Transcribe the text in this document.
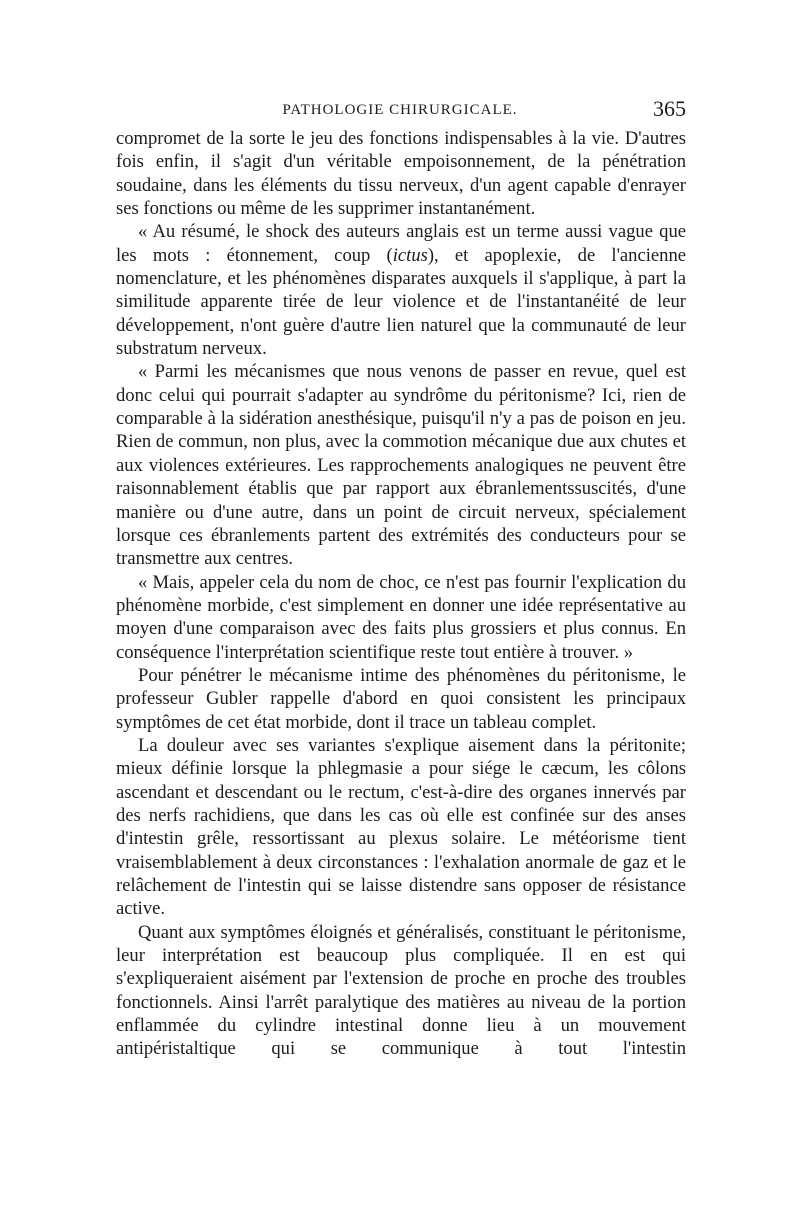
PATHOLOGIE CHIRURGICALE.	365

compromet de la sorte le jeu des fonctions indispensables à la vie. D'autres fois enfin, il s'agit d'un véritable empoisonnement, de la pénétration soudaine, dans les éléments du tissu nerveux, d'un agent capable d'enrayer ses fonctions ou même de les supprimer instantanément.

« Au résumé, le shock des auteurs anglais est un terme aussi vague que les mots : étonnement, coup (ictus), et apoplexie, de l'ancienne nomenclature, et les phénomènes disparates auxquels il s'applique, à part la similitude apparente tirée de leur violence et de l'instantanéité de leur développement, n'ont guère d'autre lien naturel que la communauté de leur substratum nerveux.

« Parmi les mécanismes que nous venons de passer en revue, quel est donc celui qui pourrait s'adapter au syndrôme du péritonisme? Ici, rien de comparable à la sidération anesthésique, puisqu'il n'y a pas de poison en jeu. Rien de commun, non plus, avec la commotion mécanique due aux chutes et aux violences extérieures. Les rapprochements analogiques ne peuvent être raisonnablement établis que par rapport aux ébranlementssuscités, d'une manière ou d'une autre, dans un point de circuit nerveux, spécialement lorsque ces ébranlements partent des extrémités des conducteurs pour se transmettre aux centres.

« Mais, appeler cela du nom de choc, ce n'est pas fournir l'explication du phénomène morbide, c'est simplement en donner une idée représentative au moyen d'une comparaison avec des faits plus grossiers et plus connus. En conséquence l'interprétation scientifique reste tout entière à trouver. »

Pour pénétrer le mécanisme intime des phénomènes du péritonisme, le professeur Gubler rappelle d'abord en quoi consistent les principaux symptômes de cet état morbide, dont il trace un tableau complet.

La douleur avec ses variantes s'explique aisement dans la péritonite; mieux définie lorsque la phlegmasie a pour siége le cæcum, les côlons ascendant et descendant ou le rectum, c'est-à-dire des organes innervés par des nerfs rachidiens, que dans les cas où elle est confinée sur des anses d'intestin grêle, ressortissant au plexus solaire. Le météorisme tient vraisemblablement à deux circonstances : l'exhalation anormale de gaz et le relâchement de l'intestin qui se laisse distendre sans opposer de résistance active.

Quant aux symptômes éloignés et généralisés, constituant le péritonisme, leur interprétation est beaucoup plus compliquée. Il en est qui s'expliqueraient aisément par l'extension de proche en proche des troubles fonctionnels. Ainsi l'arrêt paralytique des matières au niveau de la portion enflammée du cylindre intestinal donne lieu à un mouvement antipéristaltique qui se communique à tout l'intestin
